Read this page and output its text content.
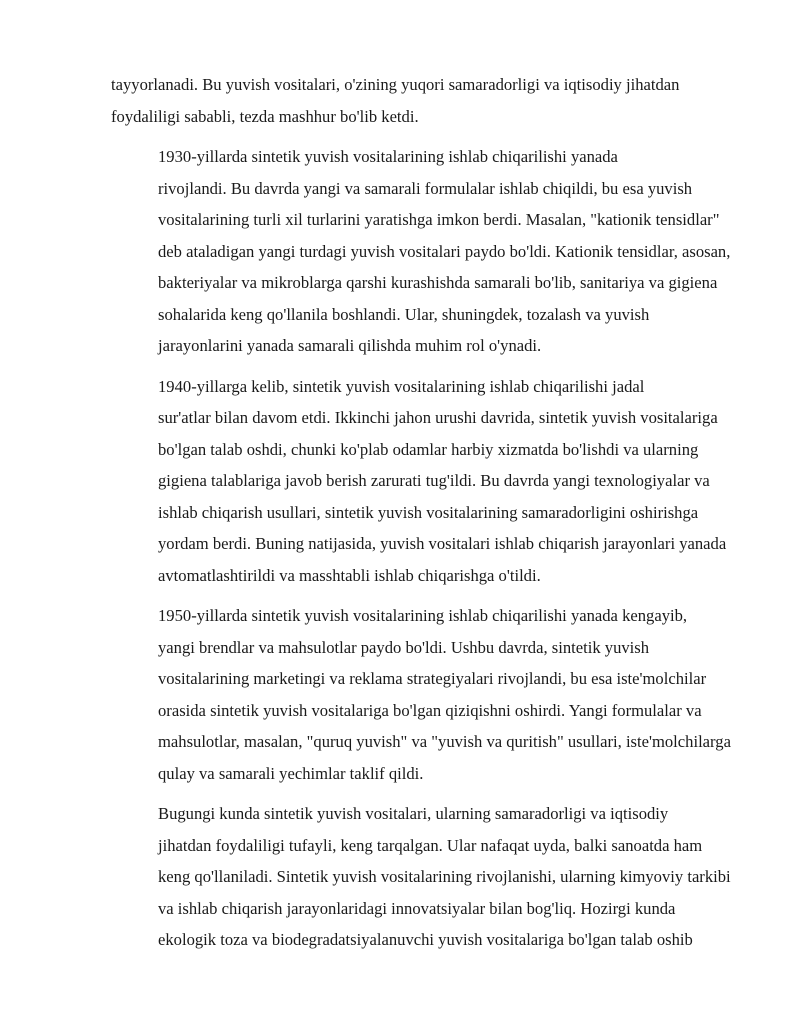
tayyorlanadi. Bu yuvish vositalari, o'zining yuqori samaradorligi va iqtisodiy jihatdan
foydaliligi sababli, tezda mashhur bo'lib ketdi.

1930-yillarda sintetik yuvish vositalarining ishlab chiqarilishi yanada
rivojlandi. Bu davrda yangi va samarali formulalar ishlab chiqildi, bu esa yuvish
vositalarining turli xil turlarini yaratishga imkon berdi. Masalan, "kationik tensidlar"
deb ataladigan yangi turdagi yuvish vositalari paydo bo'ldi. Kationik tensidlar, asosan,
bakteriyalar va mikroblarga qarshi kurashishda samarali bo'lib, sanitariya va gigiena
sohalarida keng qo'llanila boshlandi. Ular, shuningdek, tozalash va yuvish
jarayonlarini yanada samarali qilishda muhim rol o'ynadi.

1940-yillarga kelib, sintetik yuvish vositalarining ishlab chiqarilishi jadal
sur'atlar bilan davom etdi. Ikkinchi jahon urushi davrida, sintetik yuvish vositalariga
bo'lgan talab oshdi, chunki ko'plab odamlar harbiy xizmatda bo'lishdi va ularning
gigiena talablariga javob berish zarurati tug'ildi. Bu davrda yangi texnologiyalar va
ishlab chiqarish usullari, sintetik yuvish vositalarining samaradorligini oshirishga
yordam berdi. Buning natijasida, yuvish vositalari ishlab chiqarish jarayonlari yanada
avtomatlashtirildi va masshtabli ishlab chiqarishga o'tildi.

1950-yillarda sintetik yuvish vositalarining ishlab chiqarilishi yanada kengayib,
yangi brendlar va mahsulotlar paydo bo'ldi. Ushbu davrda, sintetik yuvish
vositalarining marketingi va reklama strategiyalari rivojlandi, bu esa iste'molchilar
orasida sintetik yuvish vositalariga bo'lgan qiziqishni oshirdi. Yangi formulalar va
mahsulotlar, masalan, "quruq yuvish" va "yuvish va quritish" usullari, iste'molchilarga
qulay va samarali yechimlar taklif qildi.

Bugungi kunda sintetik yuvish vositalari, ularning samaradorligi va iqtisodiy
jihatdan foydaliligi tufayli, keng tarqalgan. Ular nafaqat uyda, balki sanoatda ham
keng qo'llaniladi. Sintetik yuvish vositalarining rivojlanishi, ularning kimyoviy tarkibi
va ishlab chiqarish jarayonlaridagi innovatsiyalar bilan bog'liq. Hozirgi kunda
ekologik toza va biodegradatsiyalanuvchi yuvish vositalariga bo'lgan talab oshib
